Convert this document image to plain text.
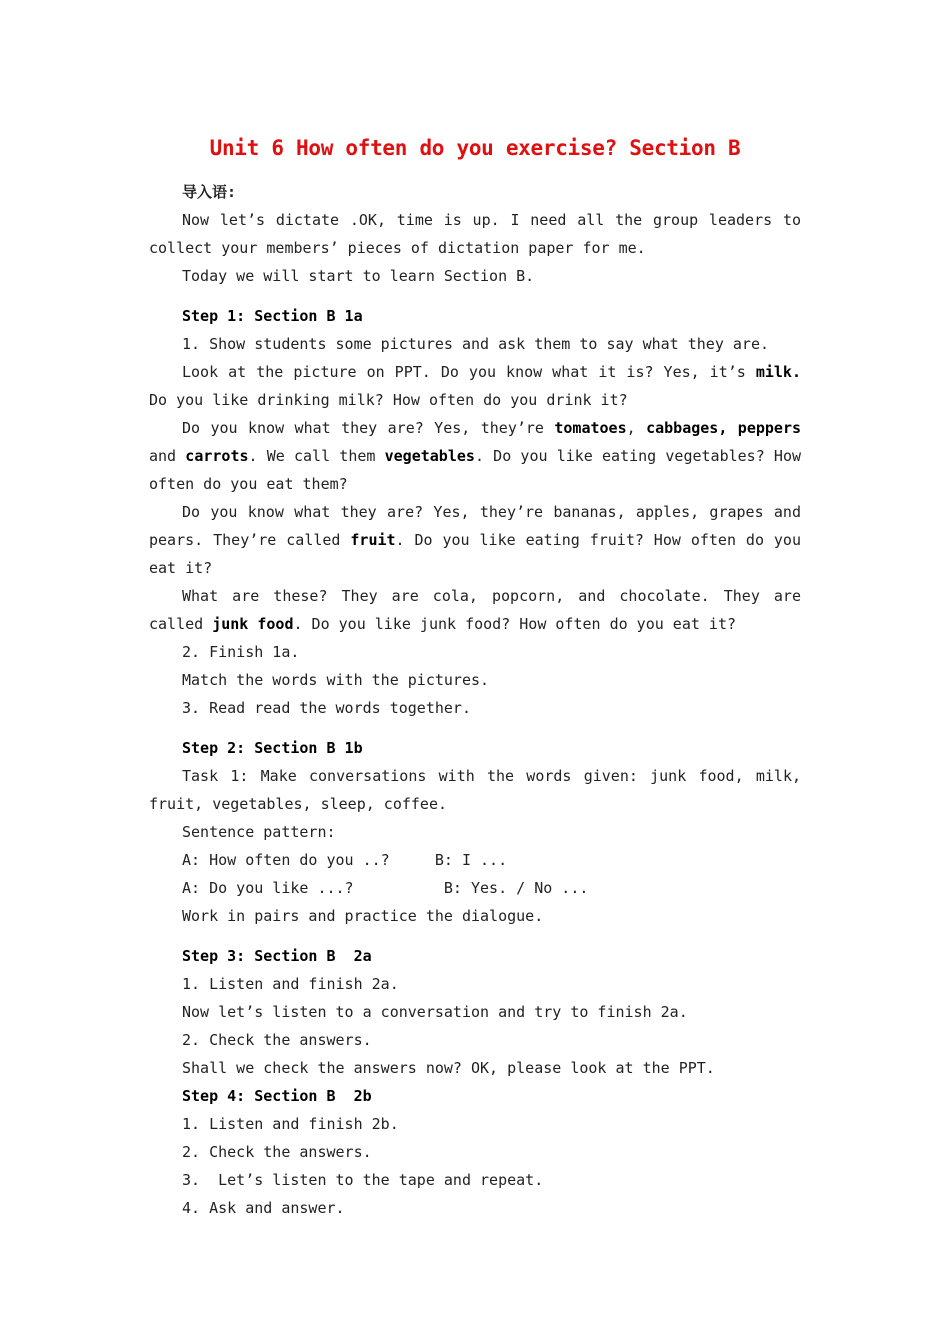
Unit 6 How often do you exercise? Section B

导入语:

Now let’s dictate .OK, time is up. I need all the group leaders to collect your members’ pieces of dictation paper for me.

Today we will start to learn Section B.

Step 1: Section B 1a

1. Show students some pictures and ask them to say what they are.

Look at the picture on PPT. Do you know what it is? Yes, it’s milk. Do you like drinking milk? How often do you drink it?

Do you know what they are? Yes, they’re tomatoes, cabbages, peppers and carrots. We call them vegetables. Do you like eating vegetables? How often do you eat them?

Do you know what they are? Yes, they’re bananas, apples, grapes and pears. They’re called fruit. Do you like eating fruit? How often do you eat it?

What are these? They are cola, popcorn, and chocolate. They are called junk food. Do you like junk food? How often do you eat it?

2. Finish 1a.

Match the words with the pictures.

3. Read read the words together.

Step 2: Section B 1b

Task 1: Make conversations with the words given: junk food, milk, fruit, vegetables, sleep, coffee.

Sentence pattern:

A: How often do you ..?     B: I ...

A: Do you like ...?          B: Yes. / No ...

Work in pairs and practice the dialogue.

Step 3: Section B  2a

1. Listen and finish 2a.

Now let’s listen to a conversation and try to finish 2a.

2. Check the answers.

Shall we check the answers now? OK, please look at the PPT.

Step 4: Section B  2b

1. Listen and finish 2b.

2. Check the answers.

3.  Let’s listen to the tape and repeat.

4. Ask and answer.
